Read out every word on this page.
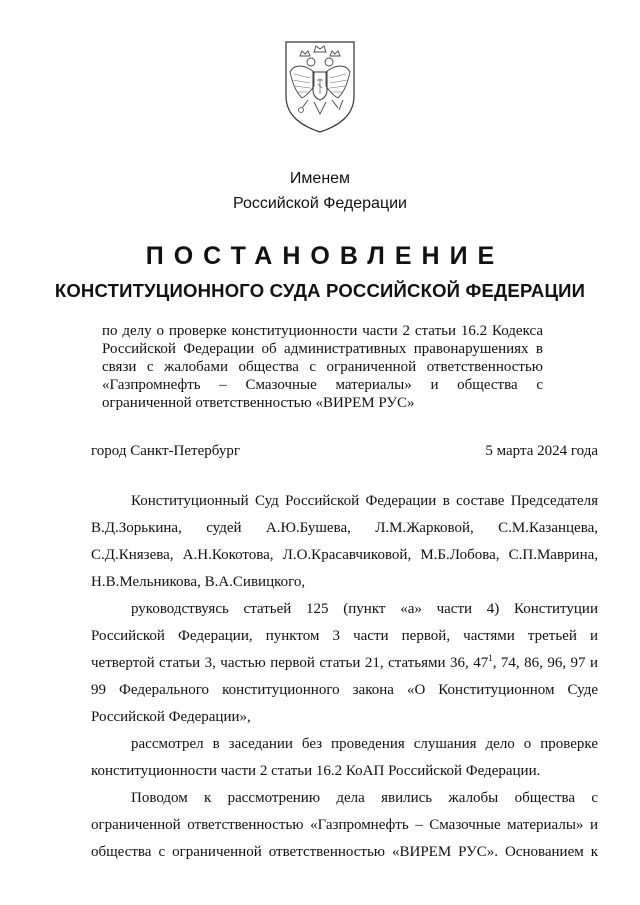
Именем
Российской Федерации
ПОСТАНОВЛЕНИЕ
КОНСТИТУЦИОННОГО СУДА РОССИЙСКОЙ ФЕДЕРАЦИИ
по делу о проверке конституционности части 2 статьи 16.2 Кодекса
Российской Федерации об административных правонарушениях в
связи с жалобами общества с ограниченной ответственностью
«Газпромнефть – Смазочные материалы» и общества с
ограниченной ответственностью «ВИРЕМ РУС»
город Санкт-Петербург	5 марта 2024 года
Конституционный Суд Российской Федерации в составе Председателя
В.Д.Зорькина, судей А.Ю.Бушева, Л.М.Жарковой, С.М.Казанцева,
С.Д.Князева, А.Н.Кокотова, Л.О.Красавчиковой, М.Б.Лобова, С.П.Маврина,
Н.В.Мельникова, В.А.Сивицкого,
руководствуясь статьей 125 (пункт «а» части 4) Конституции
Российской Федерации, пунктом 3 части первой, частями третьей и
четвертой статьи 3, частью первой статьи 21, статьями 36, $47^1$, 74, 86, 96, 97 и
99 Федерального конституционного закона «О Конституционном Суде
Российской Федерации»,
рассмотрел в заседании без проведения слушания дело о проверке
конституционности части 2 статьи 16.2 КоАП Российской Федерации.
Поводом к рассмотрению дела явились жалобы общества с
ограниченной ответственностью «Газпромнефть – Смазочные материалы» и
общества с ограниченной ответственностью «ВИРЕМ РУС». Основанием к
